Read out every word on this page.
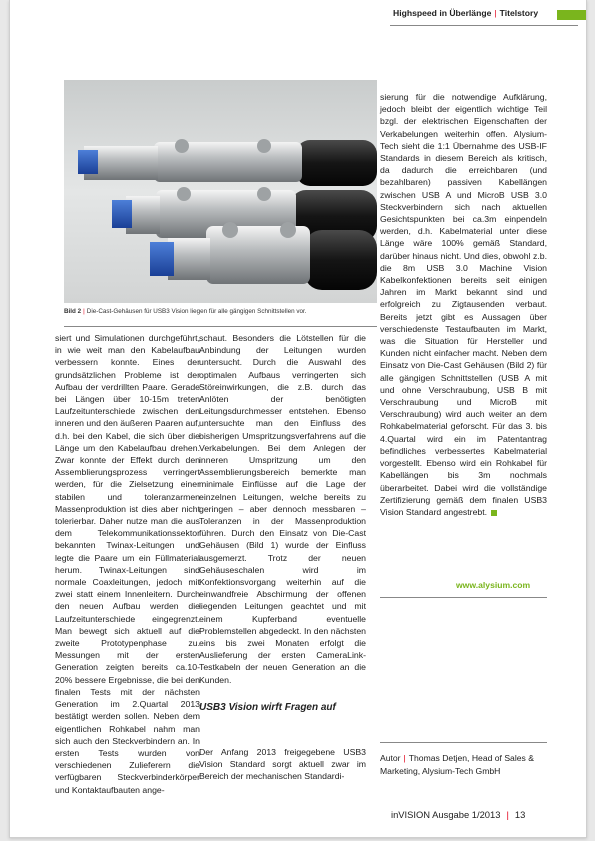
Highspeed in Überlänge | Titelstory
Bild 2 | Die-Cast-Gehäusen für USB3 Vision liegen für alle gängigen Schnittstellen vor.

siert und Simulationen durchgeführt, in wie weit man den Kabelaufbau verbessern konnte. Eines der grundsätzlichen Probleme ist der Aufbau der verdrillten Paare. Gerade bei Längen über 10-15m treten Laufzeitunterschiede zwischen den inneren und den äußeren Paaren auf, d.h. bei den Kabel, die sich über die Länge um den Kabelaufbau drehen. Zwar konnte der Effekt durch den Assemblierungsprozess verringert werden, für die Zielsetzung einer stabilen und toleranzarmen Massenproduktion ist dies aber nicht tolerierbar. Daher nutze man die aus dem Telekommunikationssektor bekannten Twinax-Leitungen und legte die Paare um ein Füllmaterial herum. Twinax-Leitungen sind normale Coaxleitungen, jedoch mit zwei statt einem Innenleitern. Durch den neuen Aufbau werden die Laufzeitunterschiede eingegrenzt. Man bewegt sich aktuell auf die zweite Prototypenphase zu. Messungen mit der ersten Generation zeigten bereits ca.10-20% bessere Ergebnisse, die bei den finalen Tests mit der nächsten Generation im 2.Quartal 2013 bestätigt werden sollen. Neben dem eigentlichen Rohkabel nahm man sich auch den Steckverbindern an. In ersten Tests wurden von verschiedenen Zulieferern die verfügbaren Steckverbinderkörper und Kontaktaufbauten ange-

schaut. Besonders die Lötstellen für die Anbindung der Leitungen wurden untersucht. Durch die Auswahl des optimalen Aufbaus verringerten sich Störeinwirkungen, die z.B. durch das Anlöten der benötigten Leitungsdurchmesser entstehen. Ebenso untersuchte man den Einfluss des bisherigen Umspritzungsverfahrens auf die Verkabelungen. Bei dem Anlegen der inneren Umspritzung um den Assemblierungsbereich bemerkte man minimale Einflüsse auf die Lage der einzelnen Leitungen, welche bereits zu geringen – aber dennoch messbaren – Toleranzen in der Massenproduktion führen. Durch den Einsatz von Die-Cast Gehäusen (Bild 1) wurde der Einfluss ausgemerzt. Trotz der neuen Gehäuseschalen wird im Konfektionsvorgang weiterhin auf die einwandfreie Abschirmung der offenen liegenden Leitungen geachtet und mit einem Kupferband eventuelle Problemstellen abgedeckt. In den nächsten eins bis zwei Monaten erfolgt die Auslieferung der ersten CameraLink-Testkabeln der neuen Generation an die Kunden.

USB3 Vision wirft Fragen auf

Der Anfang 2013 freigegebene USB3 Vision Standard sorgt aktuell zwar im Bereich der mechanischen Standardi-

sierung für die notwendige Aufklärung, jedoch bleibt der eigentlich wichtige Teil bzgl. der elektrischen Eigenschaften der Verkabelungen weiterhin offen. Alysium-Tech sieht die 1:1 Übernahme des USB-IF Standards in diesem Bereich als kritisch, da dadurch die erreichbaren (und bezahlbaren) passiven Kabellängen zwischen USB A und MicroB USB 3.0 Steckverbindern sich nach aktuellen Gesichtspunkten bei ca.3m einpendeln werden, d.h. Kabelmaterial unter diese Länge wäre 100% gemäß Standard, darüber hinaus nicht. Und dies, obwohl z.b. die 8m USB 3.0 Machine Vision Kabelkonfektionen bereits seit einigen Jahren im Markt bekannt sind und erfolgreich zu Zigtausenden verbaut. Bereits jetzt gibt es Aussagen über verschiedenste Testaufbauten im Markt, was die Situation für Hersteller und Kunden nicht einfacher macht. Neben dem Einsatz von Die-Cast Gehäusen (Bild 2) für alle gängigen Schnittstellen (USB A mit und ohne Verschraubung, USB B mit Verschraubung und MicroB mit Verschraubung) wird auch weiter an dem Rohkabelmaterial geforscht. Für das 3. bis 4.Quartal wird ein im Patentantrag befindliches verbessertes Kabelmaterial vorgestellt. Ebenso wird ein Rohkabel für Kabellängen bis 3m nochmals überarbeitet. Dabei wird die vollständige Zertifizierung gemäß dem finalen USB3 Vision Standard angestrebt.

www.alysium.com
Autor | Thomas Detjen, Head of Sales & Marketing, Alysium-Tech GmbH
inVISION Ausgabe 1/2013 | 13
